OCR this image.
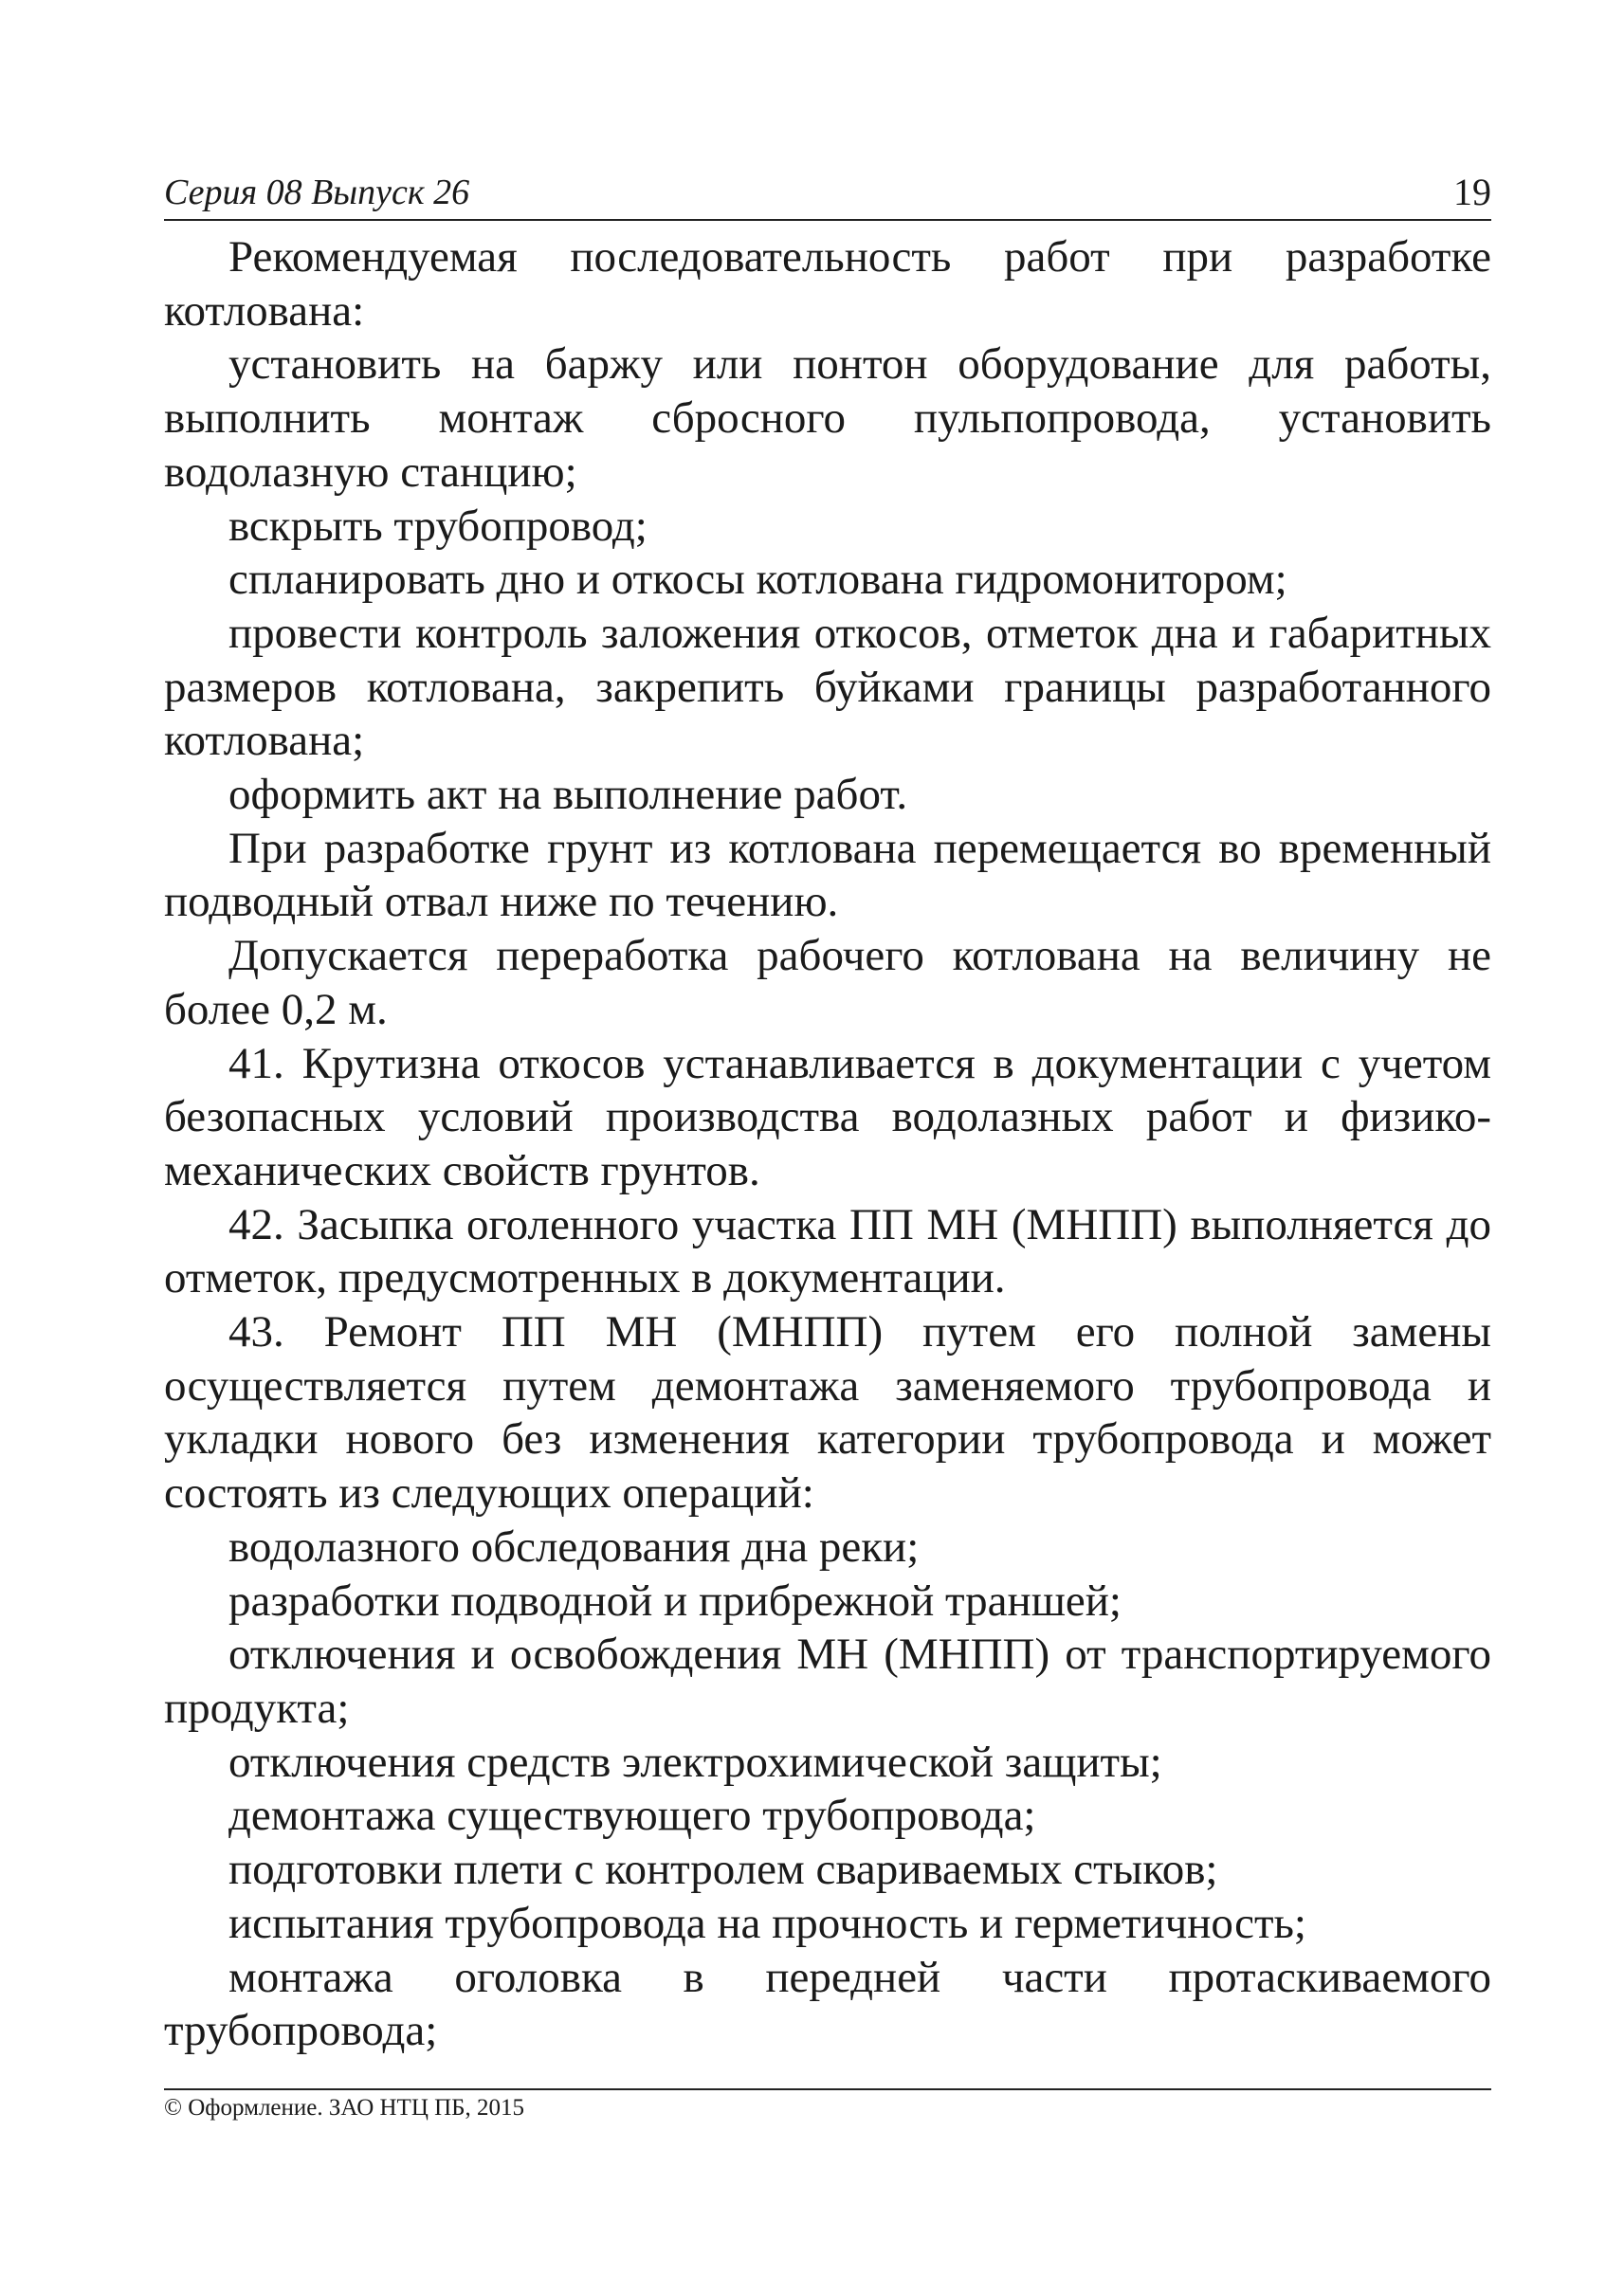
Серия 08 Выпуск 26	19

Рекомендуемая последовательность работ при разработке котлована:

установить на баржу или понтон оборудование для работы, выполнить монтаж сбросного пульпопровода, установить водолазную станцию;

вскрыть трубопровод;

спланировать дно и откосы котлована гидромонитором;

провести контроль заложения откосов, отметок дна и габаритных размеров котлована, закрепить буйками границы разработанного котлована;

оформить акт на выполнение работ.

При разработке грунт из котлована перемещается во временный подводный отвал ниже по течению.

Допускается переработка рабочего котлована на величину не более 0,2 м.

41. Крутизна откосов устанавливается в документации с учетом безопасных условий производства водолазных работ и физико-механических свойств грунтов.

42. Засыпка оголенного участка ПП МН (МНПП) выполняется до отметок, предусмотренных в документации.

43. Ремонт ПП МН (МНПП) путем его полной замены осуществляется путем демонтажа заменяемого трубопровода и укладки нового без изменения категории трубопровода и может состоять из следующих операций:

водолазного обследования дна реки;

разработки подводной и прибрежной траншей;

отключения и освобождения МН (МНПП) от транспортируемого продукта;

отключения средств электрохимической защиты;

демонтажа существующего трубопровода;

подготовки плети с контролем свариваемых стыков;

испытания трубопровода на прочность и герметичность;

монтажа оголовка в передней части протаскиваемого трубопровода;

© Оформление. ЗАО НТЦ ПБ, 2015
